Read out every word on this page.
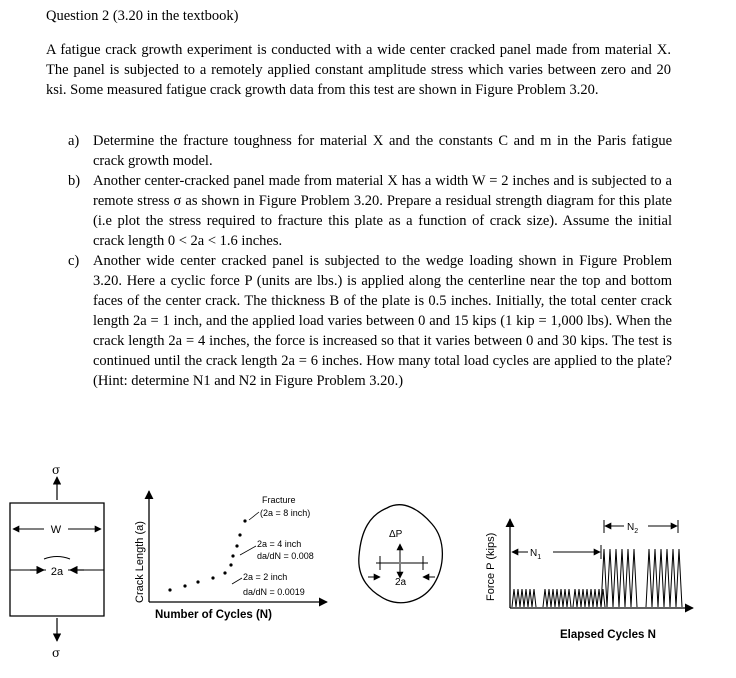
Question 2 (3.20 in the textbook)
A fatigue crack growth experiment is conducted with a wide center cracked panel made from material X. The panel is subjected to a remotely applied constant amplitude stress which varies between zero and 20 ksi. Some measured fatigue crack growth data from this test are shown in Figure Problem 3.20.
a) Determine the fracture toughness for material X and the constants C and m in the Paris fatigue crack growth model.
b) Another center-cracked panel made from material X has a width W = 2 inches and is subjected to a remote stress σ as shown in Figure Problem 3.20. Prepare a residual strength diagram for this plate (i.e plot the stress required to fracture this plate as a function of crack size). Assume the initial crack length 0 < 2a < 1.6 inches.
c) Another wide center cracked panel is subjected to the wedge loading shown in Figure Problem 3.20. Here a cyclic force P (units are lbs.) is applied along the centerline near the top and bottom faces of the center crack. The thickness B of the plate is 0.5 inches. Initially, the total center crack length 2a = 1 inch, and the applied load varies between 0 and 15 kips (1 kip = 1,000 lbs). When the crack length 2a = 4 inches, the force is increased so that it varies between 0 and 30 kips. The test is continued until the crack length 2a = 6 inches. How many total load cycles are applied to the plate? (Hint: determine N1 and N2 in Figure Problem 3.20.)
σ
W
2a
σ
Crack Length (a)
Number of Cycles (N)
2a = 2 inch
da/dN = 0.0019
2a = 4 inch
da/dN = 0.008
Fracture
(2a = 8 inch)
ΔP
2a	Force P (kips)
Elapsed Cycles N
$N_1$
$N_2$
